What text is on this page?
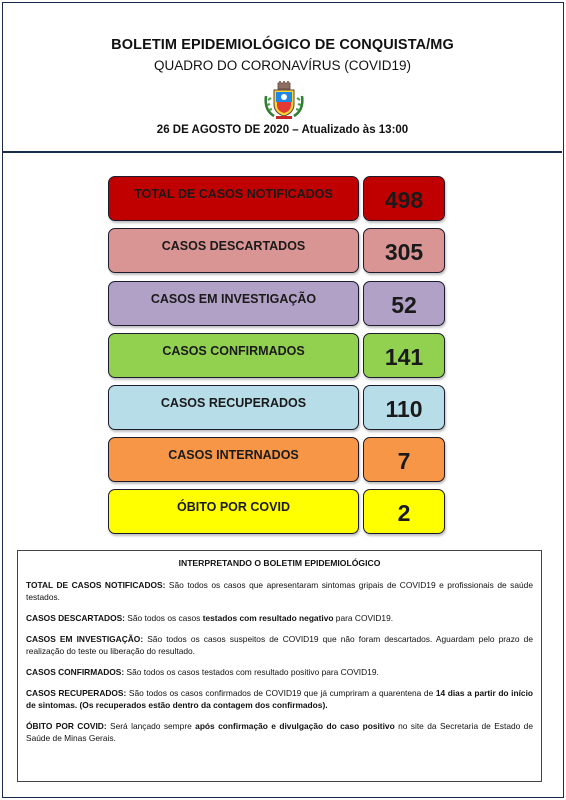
BOLETIM EPIDEMIOLÓGICO DE CONQUISTA/MG
QUADRO DO CORONAVÍRUS (COVID19)
26 DE AGOSTO DE 2020 – Atualizado às 13:00
TOTAL DE CASOS NOTIFICADOS	498
CASOS DESCARTADOS	305
CASOS EM INVESTIGAÇÃO	52
CASOS CONFIRMADOS	141
CASOS RECUPERADOS	110
CASOS INTERNADOS	7
ÓBITO POR COVID	2
INTERPRETANDO O BOLETIM EPIDEMIOLÓGICO

TOTAL DE CASOS NOTIFICADOS: São todos os casos que apresentaram sintomas gripais de COVID19 e profissionais de saúde testados.

CASOS DESCARTADOS: São todos os casos testados com resultado negativo para COVID19.

CASOS EM INVESTIGAÇÃO: São todos os casos suspeitos de COVID19 que não foram descartados. Aguardam pelo prazo de realização do teste ou liberação do resultado.

CASOS CONFIRMADOS: São todos os casos testados com resultado positivo para COVID19.

CASOS RECUPERADOS: São todos os casos confirmados de COVID19 que já cumpriram a quarentena de 14 dias a partir do início de sintomas. (Os recuperados estão dentro da contagem dos confirmados).

ÓBITO POR COVID: Será lançado sempre após confirmação e divulgação do caso positivo no site da Secretaria de Estado de Saúde de Minas Gerais.
